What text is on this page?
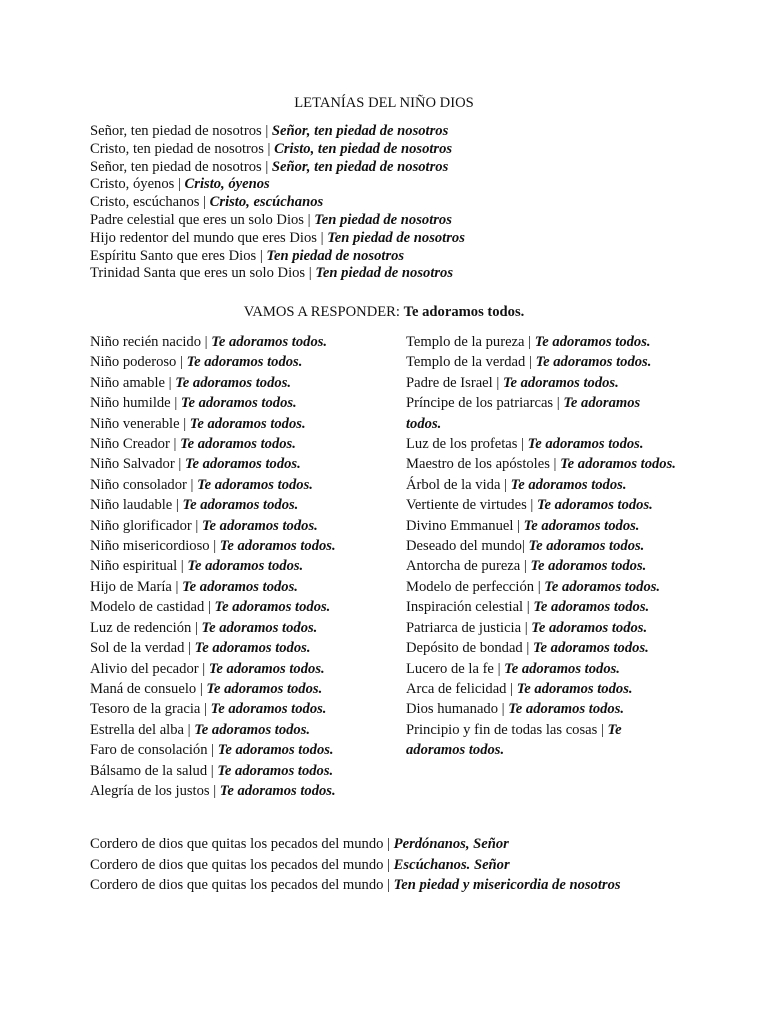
LETANÍAS DEL NIÑO DIOS
Señor, ten piedad de nosotros | Señor, ten piedad de nosotros
Cristo, ten piedad de nosotros | Cristo, ten piedad de nosotros
Señor, ten piedad de nosotros | Señor, ten piedad de nosotros
Cristo, óyenos | Cristo, óyenos
Cristo, escúchanos | Cristo, escúchanos
Padre celestial que eres un solo Dios | Ten piedad de nosotros
Hijo redentor del mundo que eres Dios | Ten piedad de nosotros
Espíritu Santo que eres Dios | Ten piedad de nosotros
Trinidad Santa que eres un solo Dios | Ten piedad de nosotros
VAMOS A RESPONDER: Te adoramos todos.
Niño recién nacido | Te adoramos todos.
Niño poderoso | Te adoramos todos.
Niño amable | Te adoramos todos.
Niño humilde | Te adoramos todos.
Niño venerable | Te adoramos todos.
Niño Creador | Te adoramos todos.
Niño Salvador | Te adoramos todos.
Niño consolador | Te adoramos todos.
Niño laudable | Te adoramos todos.
Niño glorificador | Te adoramos todos.
Niño misericordioso | Te adoramos todos.
Niño espiritual | Te adoramos todos.
Hijo de María | Te adoramos todos.
Modelo de castidad | Te adoramos todos.
Luz de redención | Te adoramos todos.
Sol de la verdad | Te adoramos todos.
Alivio del pecador | Te adoramos todos.
Maná de consuelo | Te adoramos todos.
Tesoro de la gracia | Te adoramos todos.
Estrella del alba | Te adoramos todos.
Faro de consolación | Te adoramos todos.
Bálsamo de la salud | Te adoramos todos.
Alegría de los justos | Te adoramos todos.
Templo de la pureza | Te adoramos todos.
Templo de la verdad | Te adoramos todos.
Padre de Israel | Te adoramos todos.
Príncipe de los patriarcas | Te adoramos todos.
Luz de los profetas | Te adoramos todos.
Maestro de los apóstoles | Te adoramos todos.
Árbol de la vida | Te adoramos todos.
Vertiente de virtudes | Te adoramos todos.
Divino Emmanuel | Te adoramos todos.
Deseado del mundo| Te adoramos todos.
Antorcha de pureza | Te adoramos todos.
Modelo de perfección | Te adoramos todos.
Inspiración celestial | Te adoramos todos.
Patriarca de justicia | Te adoramos todos.
Depósito de bondad | Te adoramos todos.
Lucero de la fe | Te adoramos todos.
Arca de felicidad | Te adoramos todos.
Dios humanado | Te adoramos todos.
Principio y fin de todas las cosas | Te adoramos todos.
Cordero de dios que quitas los pecados del mundo | Perdónanos, Señor
Cordero de dios que quitas los pecados del mundo | Escúchanos. Señor
Cordero de dios que quitas los pecados del mundo | Ten piedad y misericordia de nosotros
